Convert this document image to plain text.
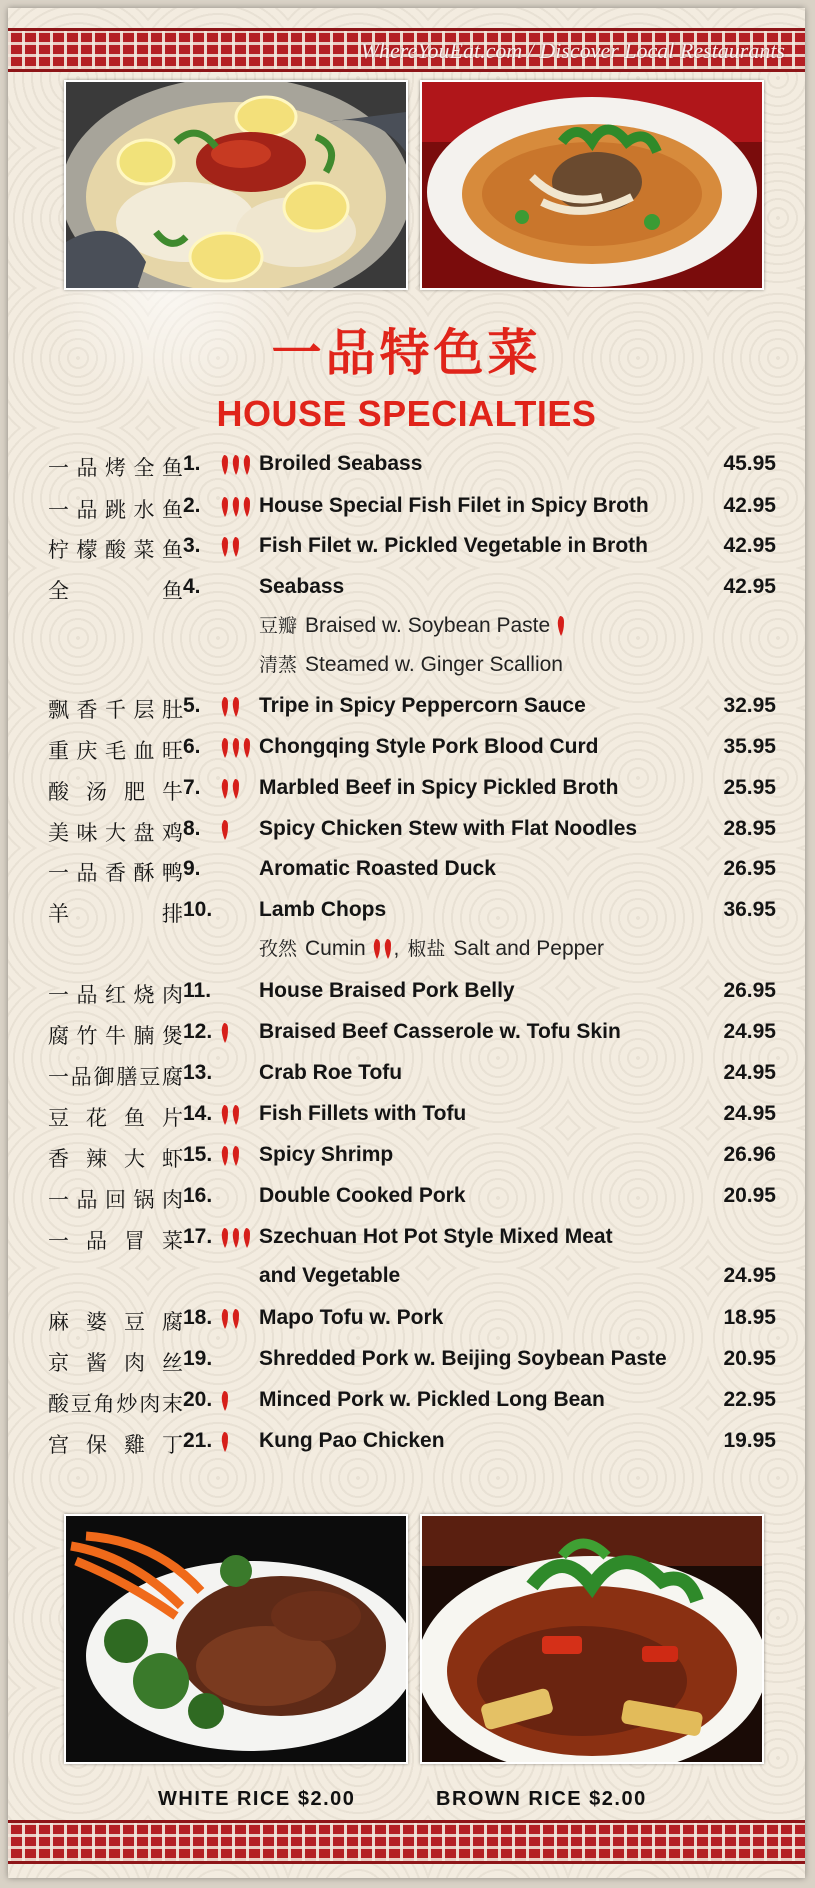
WhereYouEat.com / Discover Local Restaurants
一品特色菜
HOUSE SPECIALTIES
一品烤全鱼 1.	Broiled Seabass	45.95
一品跳水鱼 2.	House Special Fish Filet in Spicy Broth	42.95
柠檬酸菜鱼 3.	Fish Filet w. Pickled Vegetable in Broth	42.95
全鱼 4.	Seabass	42.95
飘香千层肚 5.	Tripe in Spicy Peppercorn Sauce	32.95
重庆毛血旺 6.	Chongqing Style Pork Blood Curd	35.95
酸汤肥牛 7.	Marbled Beef in Spicy Pickled Broth	25.95
美味大盘鸡 8.	Spicy Chicken Stew with Flat Noodles	28.95
一品香酥鸭 9.	Aromatic Roasted Duck	26.95
羊排 10.	Lamb Chops	36.95
一品红烧肉 11.	House Braised Pork Belly	26.95
腐竹牛腩煲 12.	Braised Beef Casserole w. Tofu Skin	24.95
一品御膳豆腐 13.	Crab Roe Tofu	24.95
豆花鱼片 14.	Fish Fillets with Tofu	24.95
香辣大虾 15.	Spicy Shrimp	26.96
一品回锅肉 16.	Double Cooked Pork	20.95
一品冒菜 17.	Szechuan Hot Pot Style Mixed Meat
and Vegetable	24.95
麻婆豆腐 18.	Mapo Tofu w. Pork	18.95
京酱肉丝 19.	Shredded Pork w. Beijing Soybean Paste	20.95
酸豆角炒肉末 20.	Minced Pork w. Pickled Long Bean	22.95
宫保雞丁 21.	Kung Pao Chicken	19.95
豆瓣 Braised w. Soybean Paste
清蒸 Steamed w. Ginger Scallion
孜然 Cumin , 椒盐 Salt and Pepper
WHITE RICE $2.00	BROWN RICE $2.00
